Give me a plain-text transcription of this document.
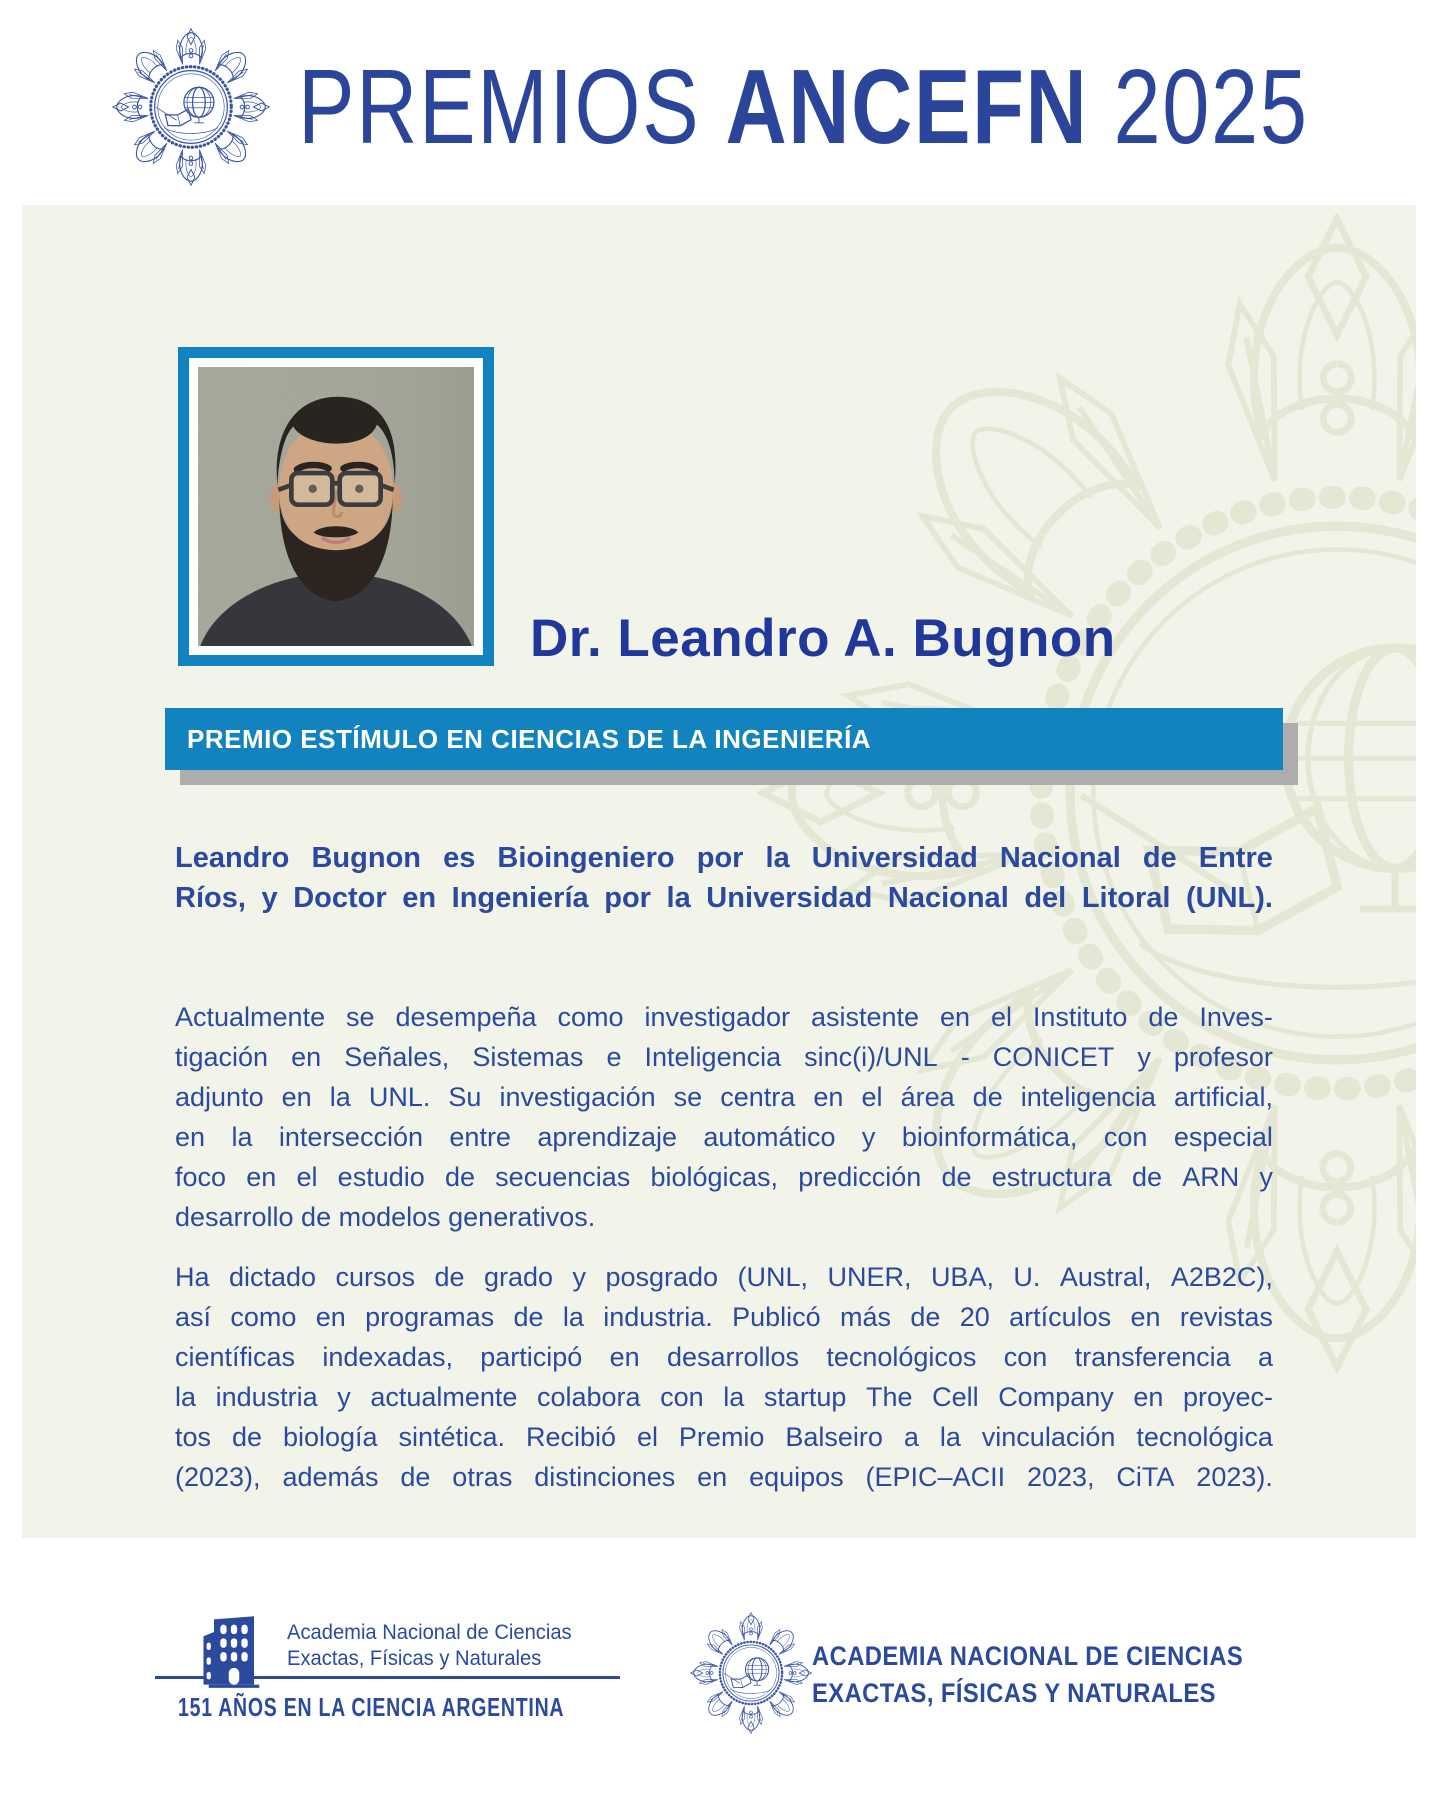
PREMIOS ANCEFN 2025
Dr. Leandro A. Bugnon
PREMIO ESTÍMULO EN CIENCIAS DE LA INGENIERÍA
Leandro Bugnon es Bioingeniero por la Universidad Nacional de Entre
Ríos, y Doctor en Ingeniería por la Universidad Nacional del Litoral (UNL).
Actualmente se desempeña como investigador asistente en el Instituto de Inves-
tigación en Señales, Sistemas e Inteligencia sinc(i)/UNL - CONICET y profesor
adjunto en la UNL. Su investigación se centra en el área de inteligencia artificial,
en la intersección entre aprendizaje automático y bioinformática, con especial
foco en el estudio de secuencias biológicas, predicción de estructura de ARN y
desarrollo de modelos generativos.
Ha dictado cursos de grado y posgrado (UNL, UNER, UBA, U. Austral, A2B2C),
así como en programas de la industria. Publicó más de 20 artículos en revistas
científicas indexadas, participó en desarrollos tecnológicos con transferencia a
la industria y actualmente colabora con la startup The Cell Company en proyec-
tos de biología sintética. Recibió el Premio Balseiro a la vinculación tecnológica
(2023), además de otras distinciones en equipos (EPIC–ACII 2023, CiTA 2023).
Academia Nacional de Ciencias
Exactas, Físicas y Naturales
151 AÑOS EN LA CIENCIA ARGENTINA
ACADEMIA NACIONAL DE CIENCIAS
EXACTAS, FÍSICAS Y NATURALES
